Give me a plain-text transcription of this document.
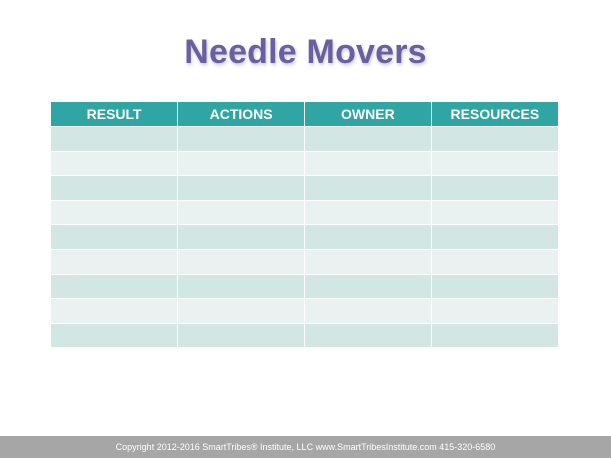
Needle Movers
RESULT	ACTIONS	OWNER	RESOURCES

Copyright 2012-2016 SmartTribes® Institute, LLC www.SmartTribesInstitute.com 415-320-6580
